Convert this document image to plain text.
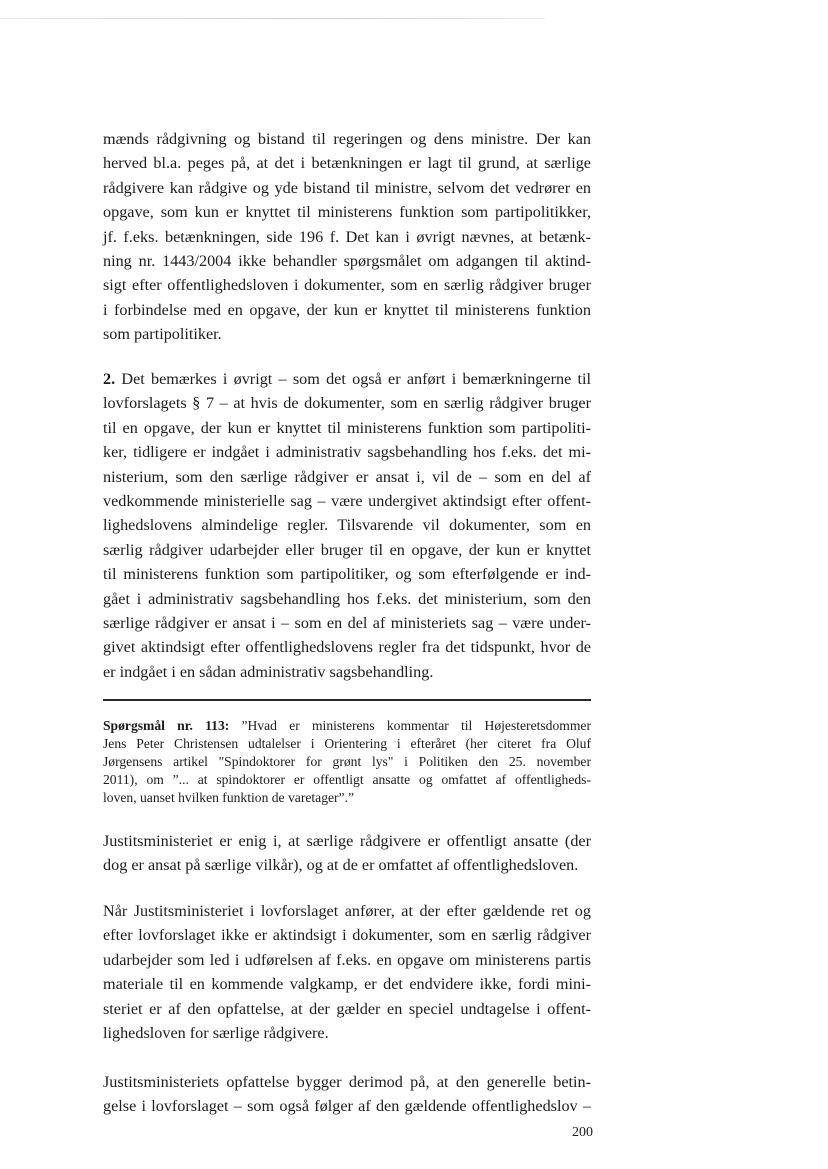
mænds rådgivning og bistand til regeringen og dens ministre. Der kan
herved bl.a. peges på, at det i betænkningen er lagt til grund, at særlige
rådgivere kan rådgive og yde bistand til ministre, selvom det vedrører en
opgave, som kun er knyttet til ministerens funktion som partipolitikker,
jf. f.eks. betænkningen, side 196 f. Det kan i øvrigt nævnes, at betænk-
ning nr. 1443/2004 ikke behandler spørgsmålet om adgangen til aktind-
sigt efter offentlighedsloven i dokumenter, som en særlig rådgiver bruger
i forbindelse med en opgave, der kun er knyttet til ministerens funktion
som partipolitiker.
2. Det bemærkes i øvrigt – som det også er anført i bemærkningerne til
lovforslagets § 7 – at hvis de dokumenter, som en særlig rådgiver bruger
til en opgave, der kun er knyttet til ministerens funktion som partipoliti-
ker, tidligere er indgået i administrativ sagsbehandling hos f.eks. det mi-
nisterium, som den særlige rådgiver er ansat i, vil de – som en del af
vedkommende ministerielle sag – være undergivet aktindsigt efter offent-
lighedslovens almindelige regler. Tilsvarende vil dokumenter, som en
særlig rådgiver udarbejder eller bruger til en opgave, der kun er knyttet
til ministerens funktion som partipolitiker, og som efterfølgende er ind-
gået i administrativ sagsbehandling hos f.eks. det ministerium, som den
særlige rådgiver er ansat i – som en del af ministeriets sag – være under-
givet aktindsigt efter offentlighedslovens regler fra det tidspunkt, hvor de
er indgået i en sådan administrativ sagsbehandling.
Spørgsmål nr. 113: ”Hvad er ministerens kommentar til Højesteretsdommer
Jens Peter Christensen udtalelser i Orientering i efteråret (her citeret fra Oluf
Jørgensens artikel "Spindoktorer for grønt lys" i Politiken den 25. november
2011), om ”... at spindoktorer er offentligt ansatte og omfattet af offentligheds-
loven, uanset hvilken funktion de varetager”.”
Justitsministeriet er enig i, at særlige rådgivere er offentligt ansatte (der
dog er ansat på særlige vilkår), og at de er omfattet af offentlighedsloven.
Når Justitsministeriet i lovforslaget anfører, at der efter gældende ret og
efter lovforslaget ikke er aktindsigt i dokumenter, som en særlig rådgiver
udarbejder som led i udførelsen af f.eks. en opgave om ministerens partis
materiale til en kommende valgkamp, er det endvidere ikke, fordi mini-
steriet er af den opfattelse, at der gælder en speciel undtagelse i offent-
lighedsloven for særlige rådgivere.
Justitsministeriets opfattelse bygger derimod på, at den generelle betin-
gelse i lovforslaget – som også følger af den gældende offentlighedslov –
200
